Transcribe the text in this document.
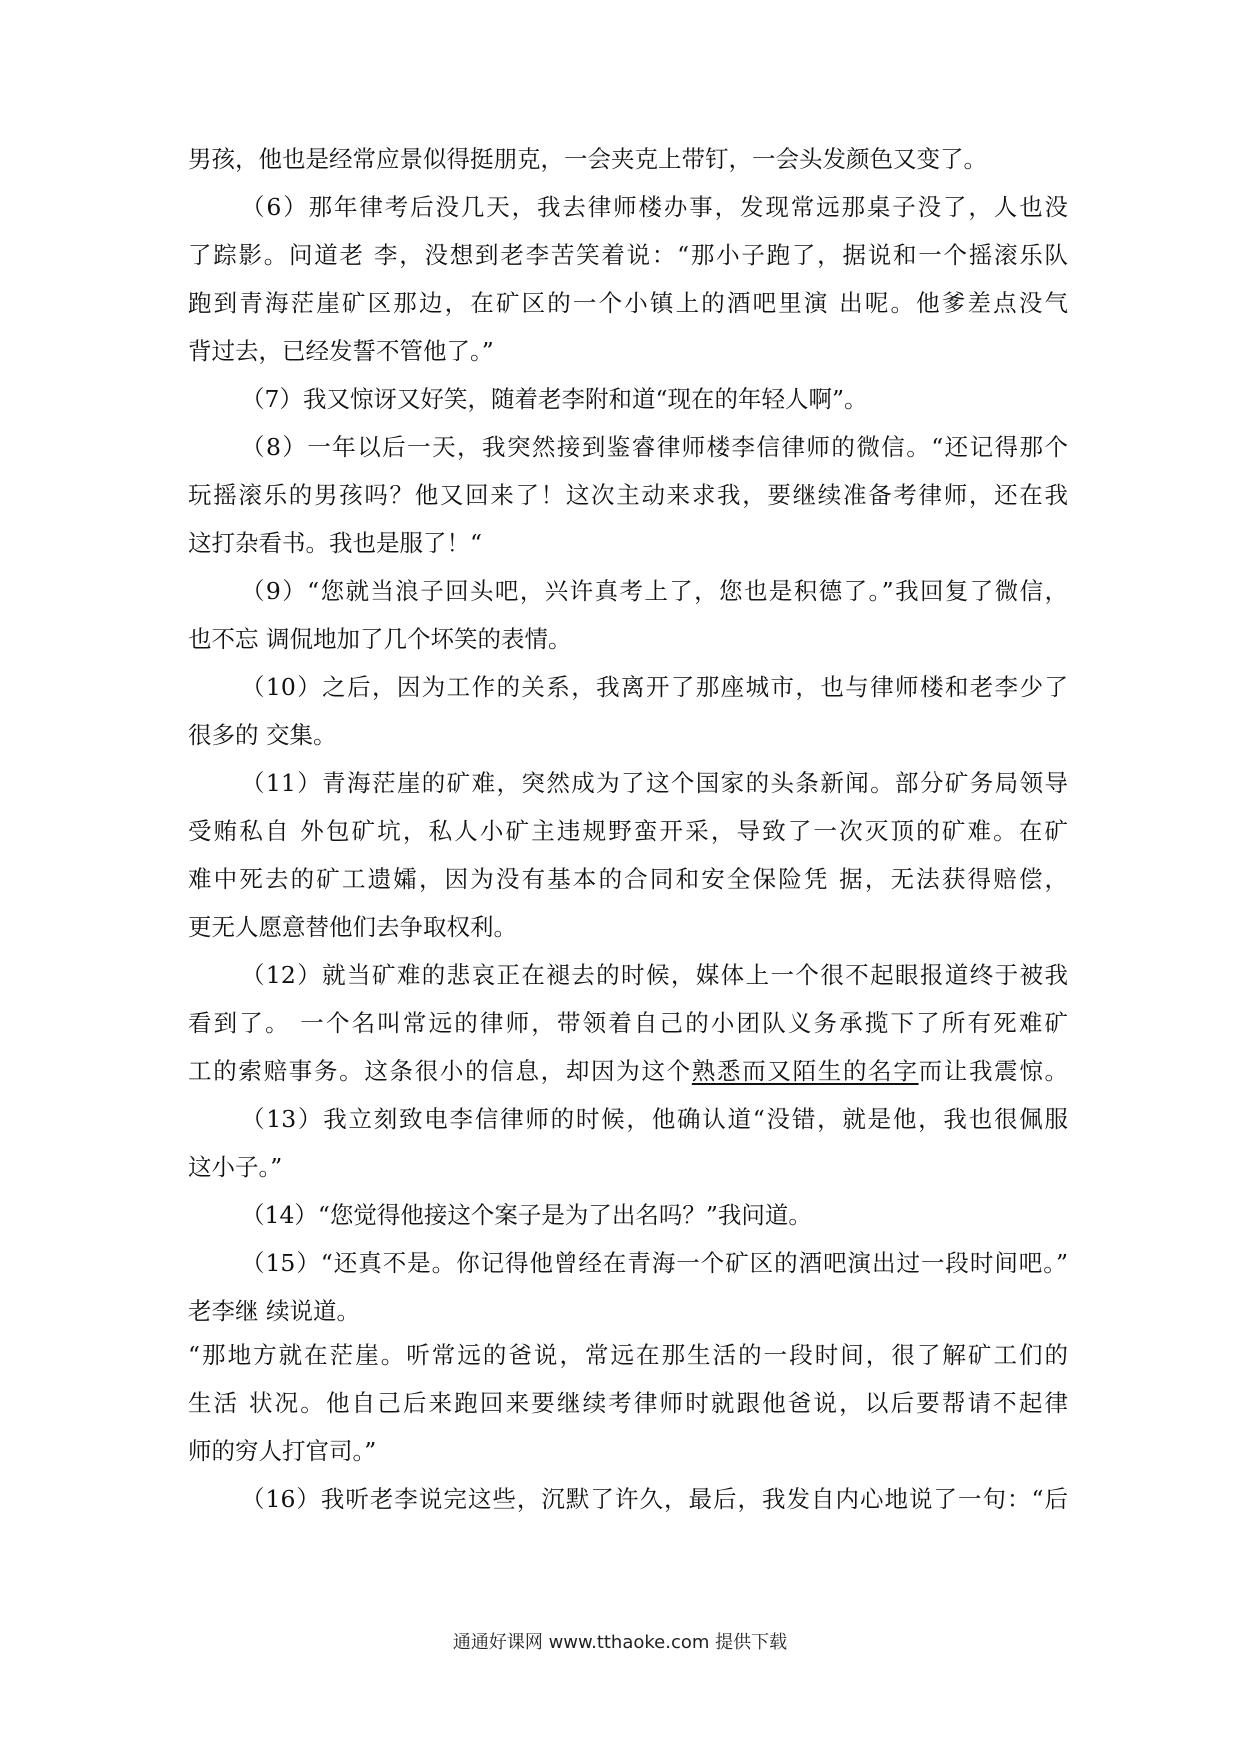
男孩，他也是经常应景似得挺朋克，一会夹克上带钉，一会头发颜色又变了。
（6）那年律考后没几天，我去律师楼办事，发现常远那桌子没了，人也没
了踪影。问道老 李，没想到老李苦笑着说：“那小子跑了，据说和一个摇滚乐队
跑到青海茫崖矿区那边，在矿区的一个小镇上的酒吧里演 出呢。他爹差点没气
背过去，已经发誓不管他了。”
（7）我又惊讶又好笑，随着老李附和道“现在的年轻人啊”。
（8）一年以后一天，我突然接到鉴睿律师楼李信律师的微信。“还记得那个
玩摇滚乐的男孩吗？他又回来了！这次主动来求我，要继续准备考律师，还在我
这打杂看书。我也是服了！“
（9）“您就当浪子回头吧，兴许真考上了，您也是积德了。”我回复了微信，
也不忘 调侃地加了几个坏笑的表情。
（10）之后，因为工作的关系，我离开了那座城市，也与律师楼和老李少了
很多的 交集。
（11）青海茫崖的矿难，突然成为了这个国家的头条新闻。部分矿务局领导
受贿私自 外包矿坑，私人小矿主违规野蛮开采，导致了一次灭顶的矿难。在矿
难中死去的矿工遗孀，因为没有基本的合同和安全保险凭 据，无法获得赔偿，
更无人愿意替他们去争取权利。
（12）就当矿难的悲哀正在褪去的时候，媒体上一个很不起眼报道终于被我
看到了。 一个名叫常远的律师，带领着自己的小团队义务承揽下了所有死难矿
工的索赔事务。这条很小的信息，却因为这个熟悉而又陌生的名字而让我震惊。
（13）我立刻致电李信律师的时候，他确认道“没错，就是他，我也很佩服
这小子。”
（14）“您觉得他接这个案子是为了出名吗？”我问道。
（15）“还真不是。你记得他曾经在青海一个矿区的酒吧演出过一段时间吧。”
老李继 续说道。
“那地方就在茫崖。听常远的爸说，常远在那生活的一段时间，很了解矿工们的
生活 状况。他自己后来跑回来要继续考律师时就跟他爸说，以后要帮请不起律
师的穷人打官司。”
（16）我听老李说完这些，沉默了许久，最后，我发自内心地说了一句：“后
通通好课网 www.tthaoke.com 提供下载
